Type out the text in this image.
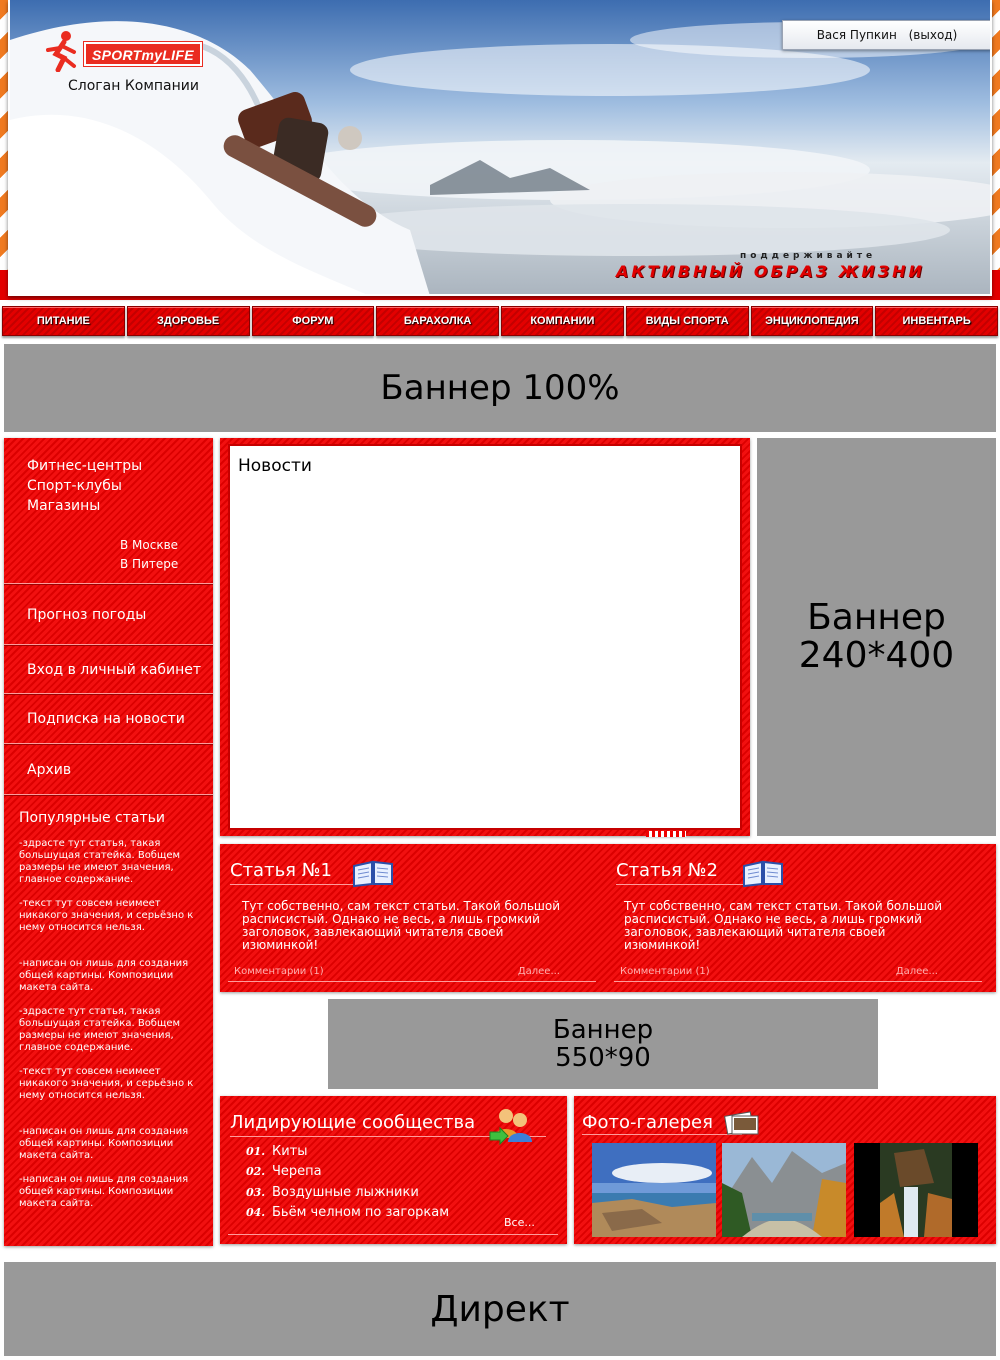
SPORTmyLIFE
Слоган Компании
Вася Пупкин (выход)
поддерживайте
АКТИВНЫЙ ОБРАЗ ЖИЗНИ
ПИТАНИЕ	ЗДОРОВЬЕ	ФОРУМ	БАРАХОЛКА	КОМПАНИИ	ВИДЫ СПОРТА	ЭНЦИКЛОПЕДИЯ	ИНВЕНТАРЬ
Баннер 100%
Фитнес-центры
Спорт-клубы
Магазины
В Москве
В Питере
Прогноз погоды
Вход в личный кабинет
Подписка на новости
Архив
Популярные статьи
-здрасте тут статья, такая большущая статейка. Вобщем размеры не имеют значения, главное содержание.
-текст тут совсем неимеет никакого значения, и серьёзно к нему относится нельзя.
-написан он лишь для создания общей картины. Композиции макета сайта.
-здрасте тут статья, такая большущая статейка. Вобщем размеры не имеют значения, главное содержание.
-текст тут совсем неимеет никакого значения, и серьёзно к нему относится нельзя.
-написан он лишь для создания общей картины. Композиции макета сайта.
-написан он лишь для создания общей картины. Композиции макета сайта.
Новости
Баннер
240*400
Статья №1
Тут собственно, сам текст статьи. Такой большой расписистый. Однако не весь, а лишь громкий заголовок, завлекающий читателя своей изюминкой!
Комментарии (1)	Далее...
Статья №2
Тут собственно, сам текст статьи. Такой большой расписистый. Однако не весь, а лишь громкий заголовок, завлекающий читателя своей изюминкой!
Комментарии (1)	Далее...
Баннер
550*90
Лидирующие сообщества
01. Киты
02. Черепа
03. Воздушные лыжники
04. Бьём челном по загоркам
Все...
Фото-галерея
Директ
